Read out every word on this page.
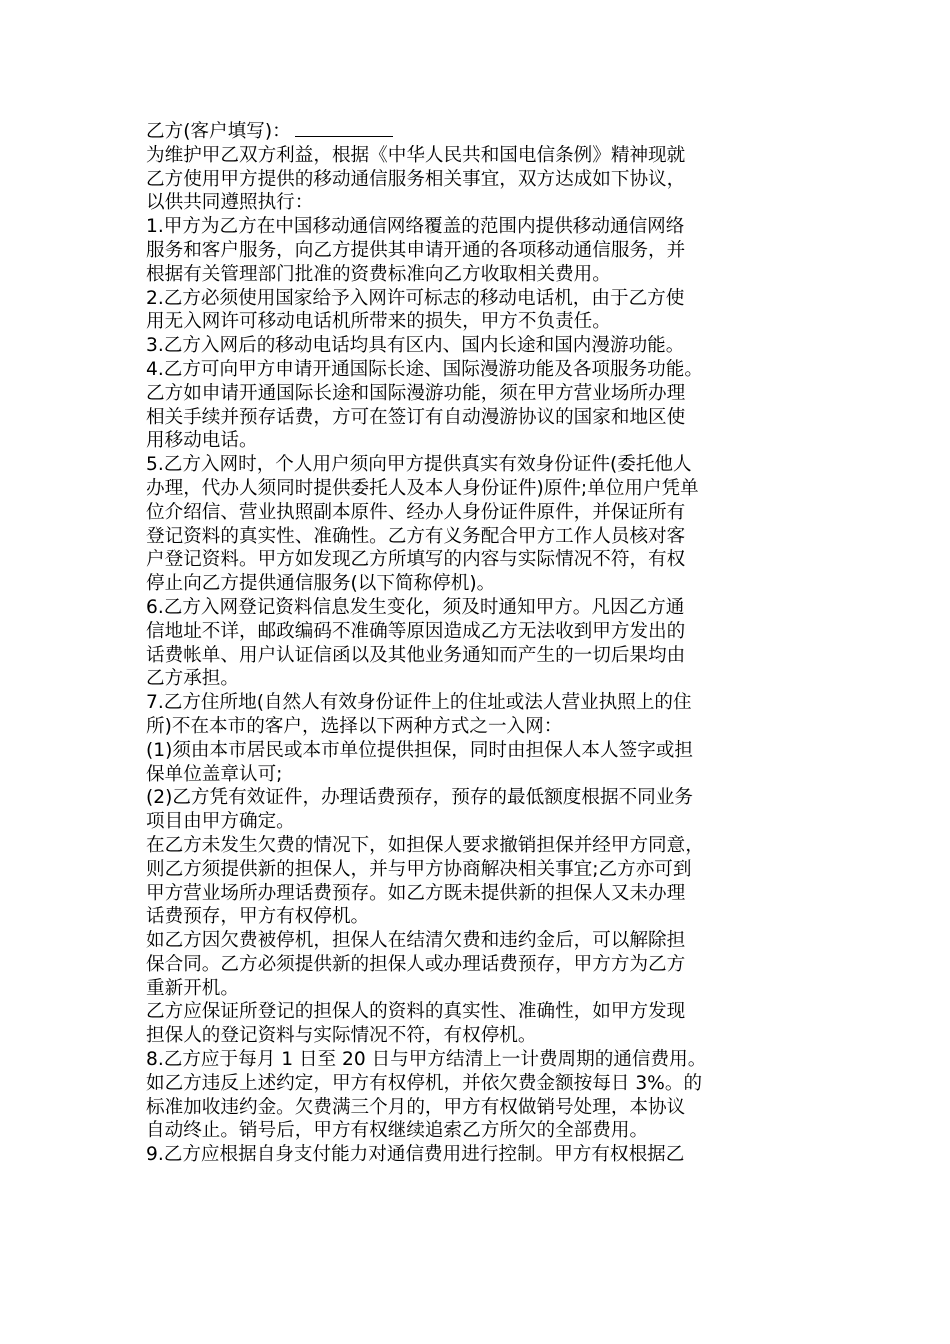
乙方(客户填写)：
为维护甲乙双方利益，根据《中华人民共和国电信条例》精神现就
乙方使用甲方提供的移动通信服务相关事宜，双方达成如下协议，
以供共同遵照执行：
1.甲方为乙方在中国移动通信网络覆盖的范围内提供移动通信网络
服务和客户服务，向乙方提供其申请开通的各项移动通信服务，并
根据有关管理部门批准的资费标准向乙方收取相关费用。
2.乙方必须使用国家给予入网许可标志的移动电话机，由于乙方使
用无入网许可移动电话机所带来的损失，甲方不负责任。
3.乙方入网后的移动电话均具有区内、国内长途和国内漫游功能。
4.乙方可向甲方申请开通国际长途、国际漫游功能及各项服务功能。
乙方如申请开通国际长途和国际漫游功能，须在甲方营业场所办理
相关手续并预存话费，方可在签订有自动漫游协议的国家和地区使
用移动电话。
5.乙方入网时，个人用户须向甲方提供真实有效身份证件(委托他人
办理，代办人须同时提供委托人及本人身份证件)原件;单位用户凭单
位介绍信、营业执照副本原件、经办人身份证件原件，并保证所有
登记资料的真实性、准确性。乙方有义务配合甲方工作人员核对客
户登记资料。甲方如发现乙方所填写的内容与实际情况不符，有权
停止向乙方提供通信服务(以下简称停机)。
6.乙方入网登记资料信息发生变化，须及时通知甲方。凡因乙方通
信地址不详，邮政编码不准确等原因造成乙方无法收到甲方发出的
话费帐单、用户认证信函以及其他业务通知而产生的一切后果均由
乙方承担。
7.乙方住所地(自然人有效身份证件上的住址或法人营业执照上的住
所)不在本市的客户，选择以下两种方式之一入网：
(1)须由本市居民或本市单位提供担保，同时由担保人本人签字或担
保单位盖章认可;
(2)乙方凭有效证件，办理话费预存，预存的最低额度根据不同业务
项目由甲方确定。
在乙方未发生欠费的情况下，如担保人要求撤销担保并经甲方同意，
则乙方须提供新的担保人，并与甲方协商解决相关事宜;乙方亦可到
甲方营业场所办理话费预存。如乙方既未提供新的担保人又未办理
话费预存，甲方有权停机。
如乙方因欠费被停机，担保人在结清欠费和违约金后，可以解除担
保合同。乙方必须提供新的担保人或办理话费预存，甲方方为乙方
重新开机。
乙方应保证所登记的担保人的资料的真实性、准确性，如甲方发现
担保人的登记资料与实际情况不符，有权停机。
8.乙方应于每月 1 日至 20 日与甲方结清上一计费周期的通信费用。
如乙方违反上述约定，甲方有权停机，并依欠费金额按每日 3%。的
标准加收违约金。欠费满三个月的，甲方有权做销号处理，本协议
自动终止。销号后，甲方有权继续追索乙方所欠的全部费用。
9.乙方应根据自身支付能力对通信费用进行控制。甲方有权根据乙
